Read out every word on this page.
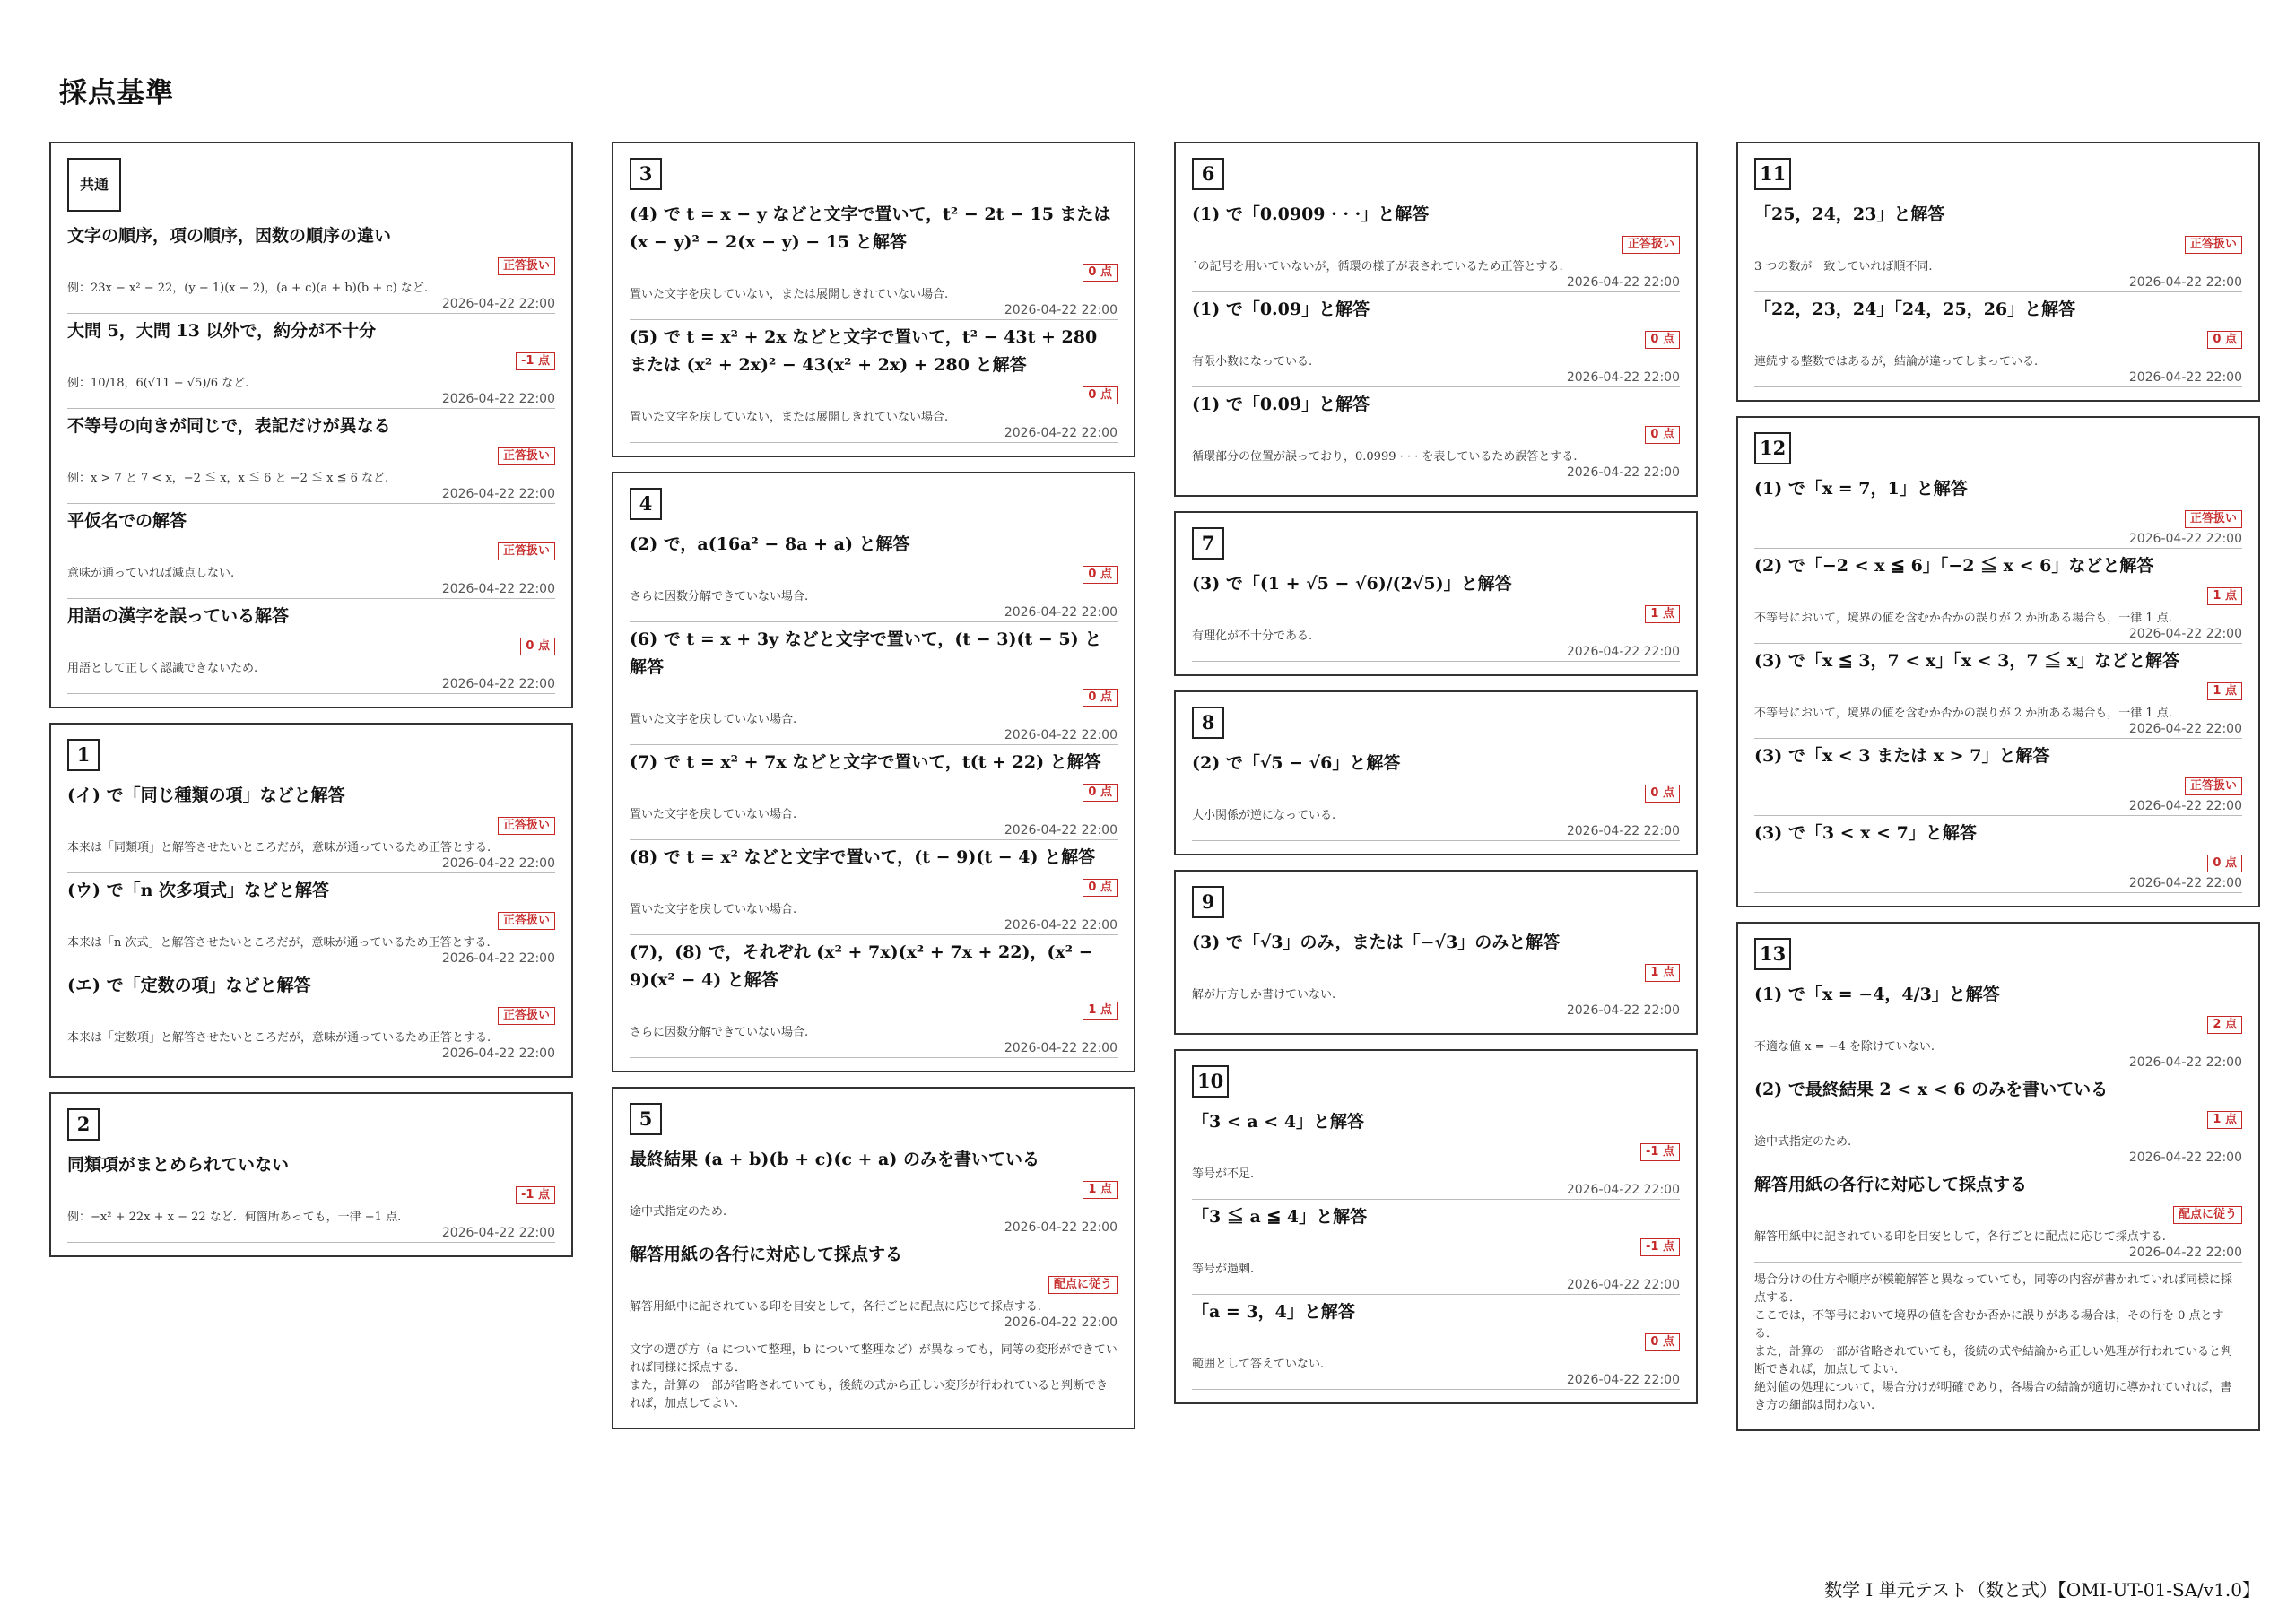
採点基準
共通
文字の順序，項の順序，因数の順序の違い
正答扱い
例：23x − x² − 22，(y − 1)(x − 2)，(a + c)(a + b)(b + c) など.
2026-04-22 22:00
大問 5，大問 13 以外で，約分が不十分
-1 点
例：10/18，6(√11 − √5)/6 など.
2026-04-22 22:00
不等号の向きが同じで，表記だけが異なる
正答扱い
例：x > 7 と 7 < x，−2 ≦ x，x ≦ 6 と −2 ≦ x ≦ 6 など.
2026-04-22 22:00
平仮名での解答
正答扱い
意味が通っていれば減点しない.
2026-04-22 22:00
用語の漢字を誤っている解答
0 点
用語として正しく認識できないため.
2026-04-22 22:00
1
(イ) で「同じ種類の項」などと解答
正答扱い
本来は「同類項」と解答させたいところだが，意味が通っているため正答とする.
2026-04-22 22:00
(ウ) で「n 次多項式」などと解答
正答扱い
本来は「n 次式」と解答させたいところだが，意味が通っているため正答とする.
2026-04-22 22:00
(エ) で「定数の項」などと解答
正答扱い
本来は「定数項」と解答させたいところだが，意味が通っているため正答とする.
2026-04-22 22:00
2
同類項がまとめられていない
-1 点
例：−x² + 22x + x − 22 など．何箇所あっても，一律 −1 点.
2026-04-22 22:00
3
(4) で t = x − y などと文字で置いて，t² − 2t − 15 または (x − y)² − 2(x − y) − 15 と解答
0 点
置いた文字を戻していない，または展開しきれていない場合.
2026-04-22 22:00
(5) で t = x² + 2x などと文字で置いて，t² − 43t + 280 または (x² + 2x)² − 43(x² + 2x) + 280 と解答
0 点
置いた文字を戻していない，または展開しきれていない場合.
2026-04-22 22:00
4
(2) で，a(16a² − 8a + a) と解答
0 点
さらに因数分解できていない場合.
2026-04-22 22:00
(6) で t = x + 3y などと文字で置いて，(t − 3)(t − 5) と解答
0 点
置いた文字を戻していない場合.
2026-04-22 22:00
(7) で t = x² + 7x などと文字で置いて，t(t + 22) と解答
0 点
置いた文字を戻していない場合.
2026-04-22 22:00
(8) で t = x² などと文字で置いて，(t − 9)(t − 4) と解答
0 点
置いた文字を戻していない場合.
2026-04-22 22:00
(7)，(8) で，それぞれ (x² + 7x)(x² + 7x + 22)，(x² − 9)(x² − 4) と解答
1 点
さらに因数分解できていない場合.
2026-04-22 22:00
5
最終結果 (a + b)(b + c)(c + a) のみを書いている
1 点
途中式指定のため.
2026-04-22 22:00
解答用紙の各行に対応して採点する
配点に従う
解答用紙中に記されている印を目安として，各行ごとに配点に応じて採点する.
2026-04-22 22:00
文字の選び方（a について整理，b について整理など）が異なっても，同等の変形ができていれば同様に採点する．
また，計算の一部が省略されていても，後続の式から正しい変形が行われていると判断できれば，加点してよい.
6
(1) で「0.0909 · · ·」と解答
正答扱い
˙の記号を用いていないが，循環の様子が表されているため正答とする.
2026-04-22 22:00
(1) で「0.09」と解答
0 点
有限小数になっている.
2026-04-22 22:00
(1) で「0.09̇」と解答
0 点
循環部分の位置が誤っており，0.0999 · · · を表しているため誤答とする.
2026-04-22 22:00
7
(3) で「(1 + √5 − √6)/(2√5)」と解答
1 点
有理化が不十分である.
2026-04-22 22:00
8
(2) で「√5 − √6」と解答
0 点
大小関係が逆になっている.
2026-04-22 22:00
9
(3) で「√3」のみ，または「−√3」のみと解答
1 点
解が片方しか書けていない.
2026-04-22 22:00
10
「3 < a < 4」と解答
-1 点
等号が不足.
2026-04-22 22:00
「3 ≦ a ≦ 4」と解答
-1 点
等号が過剰.
2026-04-22 22:00
「a = 3，4」と解答
0 点
範囲として答えていない.
2026-04-22 22:00
11
「25，24，23」と解答
正答扱い
3 つの数が一致していれば順不同.
2026-04-22 22:00
「22，23，24」「24，25，26」と解答
0 点
連続する整数ではあるが，結論が違ってしまっている.
2026-04-22 22:00
12
(1) で「x = 7，1」と解答
正答扱い
2026-04-22 22:00
(2) で「−2 < x ≦ 6」「−2 ≦ x < 6」などと解答
1 点
不等号において，境界の値を含むか否かの誤りが 2 か所ある場合も，一律 1 点.
2026-04-22 22:00
(3) で「x ≦ 3，7 < x」「x < 3，7 ≦ x」などと解答
1 点
不等号において，境界の値を含むか否かの誤りが 2 か所ある場合も，一律 1 点.
2026-04-22 22:00
(3) で「x < 3 または x > 7」と解答
正答扱い
2026-04-22 22:00
(3) で「3 < x < 7」と解答
0 点
2026-04-22 22:00
13
(1) で「x = −4，4/3」と解答
2 点
不適な値 x = −4 を除けていない.
2026-04-22 22:00
(2) で最終結果 2 < x < 6 のみを書いている
1 点
途中式指定のため.
2026-04-22 22:00
解答用紙の各行に対応して採点する
配点に従う
解答用紙中に記されている印を目安として，各行ごとに配点に応じて採点する.
2026-04-22 22:00
場合分けの仕方や順序が模範解答と異なっていても，同等の内容が書かれていれば同様に採点する．
ここでは，不等号において境界の値を含むか否かに誤りがある場合は，その行を 0 点とする．
また，計算の一部が省略されていても，後続の式や結論から正しい処理が行われていると判断できれば，加点してよい．
絶対値の処理について，場合分けが明確であり，各場合の結論が適切に導かれていれば，書き方の細部は問わない.
数学 I 単元テスト（数と式）【OMI-UT-01-SA/v1.0】
